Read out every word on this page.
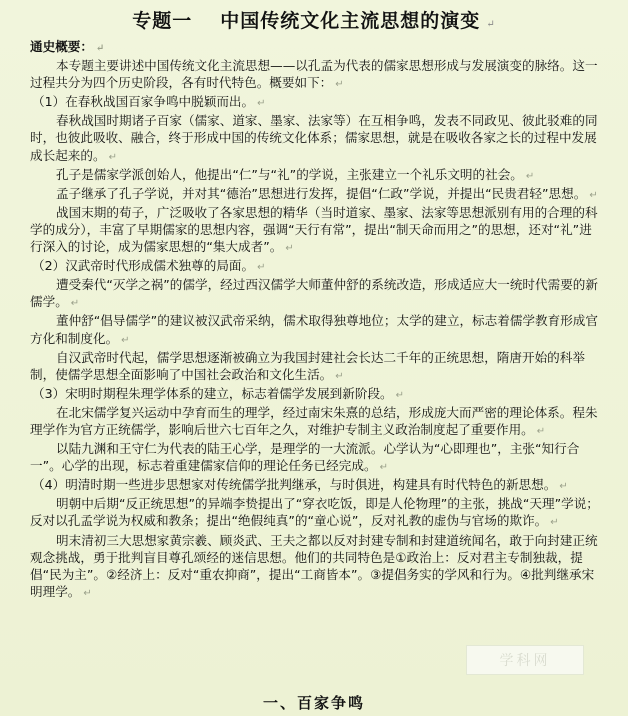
专题一 中国传统文化主流思想的演变 ↵

通史概要： ↵

本专题主要讲述中国传统文化主流思想——以孔孟为代表的儒家思想形成与发展演变的脉络。这一过程共分为四个历史阶段，各有时代特色。概要如下： ↵

（1）在春秋战国百家争鸣中脱颖而出。 ↵

春秋战国时期诸子百家（儒家、道家、墨家、法家等）在互相争鸣，发表不同政见、彼此驳难的同时，也彼此吸收、融合，终于形成中国的传统文化体系；儒家思想，就是在吸收各家之长的过程中发展成长起来的。 ↵

孔子是儒家学派创始人，他提出“仁”与“礼”的学说，主张建立一个礼乐文明的社会。 ↵

孟子继承了孔子学说，并对其“德治”思想进行发挥，提倡“仁政”学说，并提出“民贵君轻”思想。 ↵

战国末期的荀子，广泛吸收了各家思想的精华（当时道家、墨家、法家等思想派别有用的合理的科学的成分），丰富了早期儒家的思想内容，强调“天行有常”，提出“制天命而用之”的思想，还对“礼”进行深入的讨论，成为儒家思想的“集大成者”。 ↵

（2）汉武帝时代形成儒术独尊的局面。 ↵

遭受秦代“灭学之祸”的儒学，经过西汉儒学大师董仲舒的系统改造，形成适应大一统时代需要的新儒学。 ↵

董仲舒“倡导儒学”的建议被汉武帝采纳，儒术取得独尊地位；太学的建立，标志着儒学教育形成官方化和制度化。 ↵

自汉武帝时代起，儒学思想逐渐被确立为我国封建社会长达二千年的正统思想，隋唐开始的科举制，使儒学思想全面影响了中国社会政治和文化生活。 ↵

（3）宋明时期程朱理学体系的建立，标志着儒学发展到新阶段。 ↵

在北宋儒学复兴运动中孕育而生的理学，经过南宋朱熹的总结，形成庞大而严密的理论体系。程朱理学作为官方正统儒学，影响后世六七百年之久，对维护专制主义政治制度起了重要作用。 ↵

以陆九渊和王守仁为代表的陆王心学，是理学的一大流派。心学认为“心即理也”，主张“知行合一”。心学的出现，标志着重建儒家信仰的理论任务已经完成。 ↵

（4）明清时期一些进步思想家对传统儒学批判继承，与时俱进，构建具有时代特色的新思想。 ↵

明朝中后期“反正统思想”的异端李贽提出了“穿衣吃饭，即是人伦物理”的主张，挑战“天理”学说；反对以孔孟学说为权威和教条；提出“绝假纯真”的“童心说”，反对礼教的虚伪与官场的欺诈。 ↵

明末清初三大思想家黄宗羲、顾炎武、王夫之都以反对封建专制和封建道统闻名，敢于向封建正统观念挑战，勇于批判盲目尊孔颂经的迷信思想。他们的共同特色是①政治上：反对君主专制独裁，提倡“民为主”。②经济上：反对“重农抑商”，提出“工商皆本”。③提倡务实的学风和行为。④批判继承宋明理学。 ↵

学科网
一、百家争鸣
